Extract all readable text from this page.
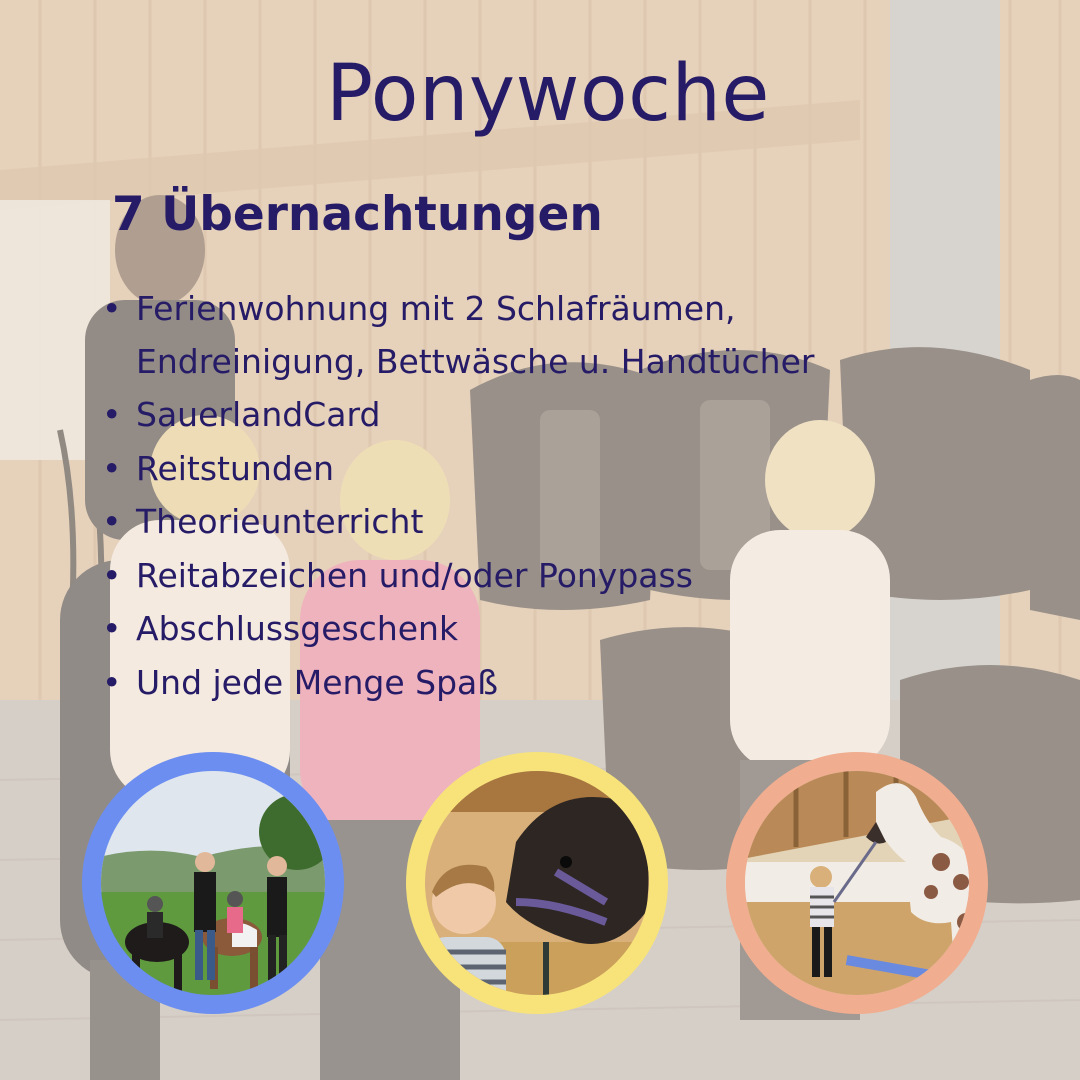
Ponywoche
7 Übernachtungen
• Ferienwohnung mit 2 Schlafräumen,
Endreinigung, Bettwäsche u. Handtücher
• SauerlandCard
• Reitstunden
• Theorieunterricht
• Reitabzeichen und/oder Ponypass
• Abschlussgeschenk
• Und jede Menge Spaß
